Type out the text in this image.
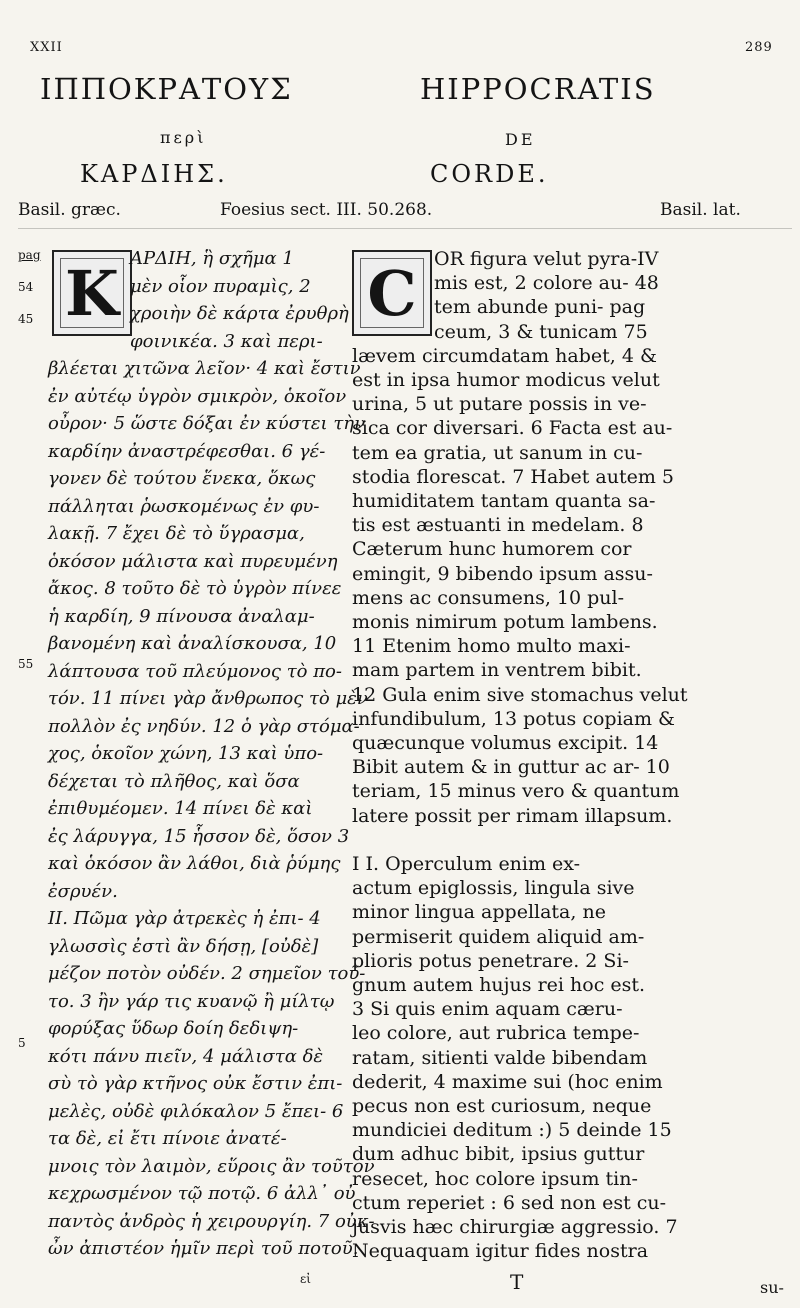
XXII	289
ΙΠΠΟΚΡΑΤΟΥΣ	HIPPOCRATIS
περὶ	DE
ΚΑΡΔΙΗΣ.	CORDE.
Basil. græc.	Foesius sect. III. 50.268.	Basil. lat.
pag
54
45
55
5
K	C
ΑΡΔΙΗ, ἣ σχῆμα 1
μὲν οἷον πυραμὶς, 2
χροιὴν δὲ κάρτα ἐρυθρὴ
φοινικέα. 3 καὶ περι-
βλέεται χιτῶνα λεῖον· 4 καὶ ἔστιν
ἐν αὐτέῳ ὑγρὸν σμικρὸν, ὁκοῖον
οὖρον· 5 ὥστε δόξαι ἐν κύστει τὴν
καρδίην ἀναστρέφεσθαι. 6 γέ-
γονεν δὲ τούτου ἕνεκα, ὅκως
πάλληται ῥωσκομένως ἐν φυ-
λακῇ. 7 ἔχει δὲ τὸ ὕγρασμα,
ὁκόσον μάλιστα καὶ πυρευμένη
ἄκος. 8 τοῦτο δὲ τὸ ὑγρὸν πίνεε
ἡ καρδίη, 9 πίνουσα ἀναλαμ-
βανομένη καὶ ἀναλίσκουσα, 10
λάπτουσα τοῦ πλεύμονος τὸ πο-
τόν. 11 πίνει γὰρ ἄνθρωπος τὸ μὲν
πολλὸν ἐς νηδύν. 12 ὁ γὰρ στόμα-
χος, ὁκοῖον χώνη, 13 καὶ ὑπο-
δέχεται τὸ πλῆθος, καὶ ὅσα
ἐπιθυμέομεν. 14 πίνει δὲ καὶ
ἐς λάρυγγα, 15 ἧσσον δὲ, ὅσον 3
καὶ ὁκόσον ἂν λάθοι, διὰ ῥύμης
ἐσρυέν.
II. Πῶμα γὰρ ἀτρεκὲς ἡ ἐπι- 4
γλωσσὶς ἐστὶ ἂν δήσῃ, [οὐδὲ]
μέζον ποτὸν οὐδέν. 2 σημεῖον τοῦ-
το. 3 ἢν γάρ τις κυανῷ ἢ μίλτῳ
φορύξας ὕδωρ δοίη δεδιψη-
κότι πάνυ πιεῖν, 4 μάλιστα δὲ
σὺ τὸ γὰρ κτῆνος οὐκ ἔστιν ἐπι-
μελὲς, οὐδὲ φιλόκαλον 5 ἔπει- 6
τα δὲ, εἰ ἔτι πίνοιε ἀνατέ-
μνοις τὸν λαιμὸν, εὕροις ἂν τοῦτον
κεχρωσμένον τῷ ποτῷ. 6 ἀλλ᾽ οὐ
παντὸς ἀνδρὸς ἡ χειρουργίη. 7 οὐκ-
ὦν ἀπιστέον ἡμῖν περὶ τοῦ ποτοῦ.
OR figura velut pyra-IV
mis est, 2 colore au- 48
tem abunde puni- pag
ceum, 3 & tunicam 75
lævem circumdatam habet, 4 &
est in ipsa humor modicus velut
urina, 5 ut putare possis in ve-
sica cor diversari. 6 Facta est au-
tem ea gratia, ut sanum in cu-
stodia florescat. 7 Habet autem 5
humiditatem tantam quanta sa-
tis est æstuanti in medelam. 8
Cæterum hunc humorem cor
emingit, 9 bibendo ipsum assu-
mens ac consumens, 10 pul-
monis nimirum potum lambens.
11 Etenim homo multo maxi-
mam partem in ventrem bibit.
12 Gula enim sive stomachus velut
infundibulum, 13 potus copiam &
quæcunque volumus excipit. 14
Bibit autem & in guttur ac ar- 10
teriam, 15 minus vero & quantum
latere possit per rimam illapsum.
I I. Operculum enim ex-
actum epiglossis, lingula sive
minor lingua appellata, ne
permiserit quidem aliquid am-
plioris potus penetrare. 2 Si-
gnum autem hujus rei hoc est.
3 Si quis enim aquam cæru-
leo colore, aut rubrica tempe-
ratam, sitienti valde bibendam
dederit, 4 maxime sui (hoc enim
pecus non est curiosum, neque
mundiciei deditum :) 5 deinde 15
dum adhuc bibit, ipsius guttur
resecet, hoc colore ipsum tin-
ctum reperiet : 6 sed non est cu-
jusvis hæc chirurgiæ aggressio. 7
Nequaquam igitur fides nostra
T	su-
εἰ
